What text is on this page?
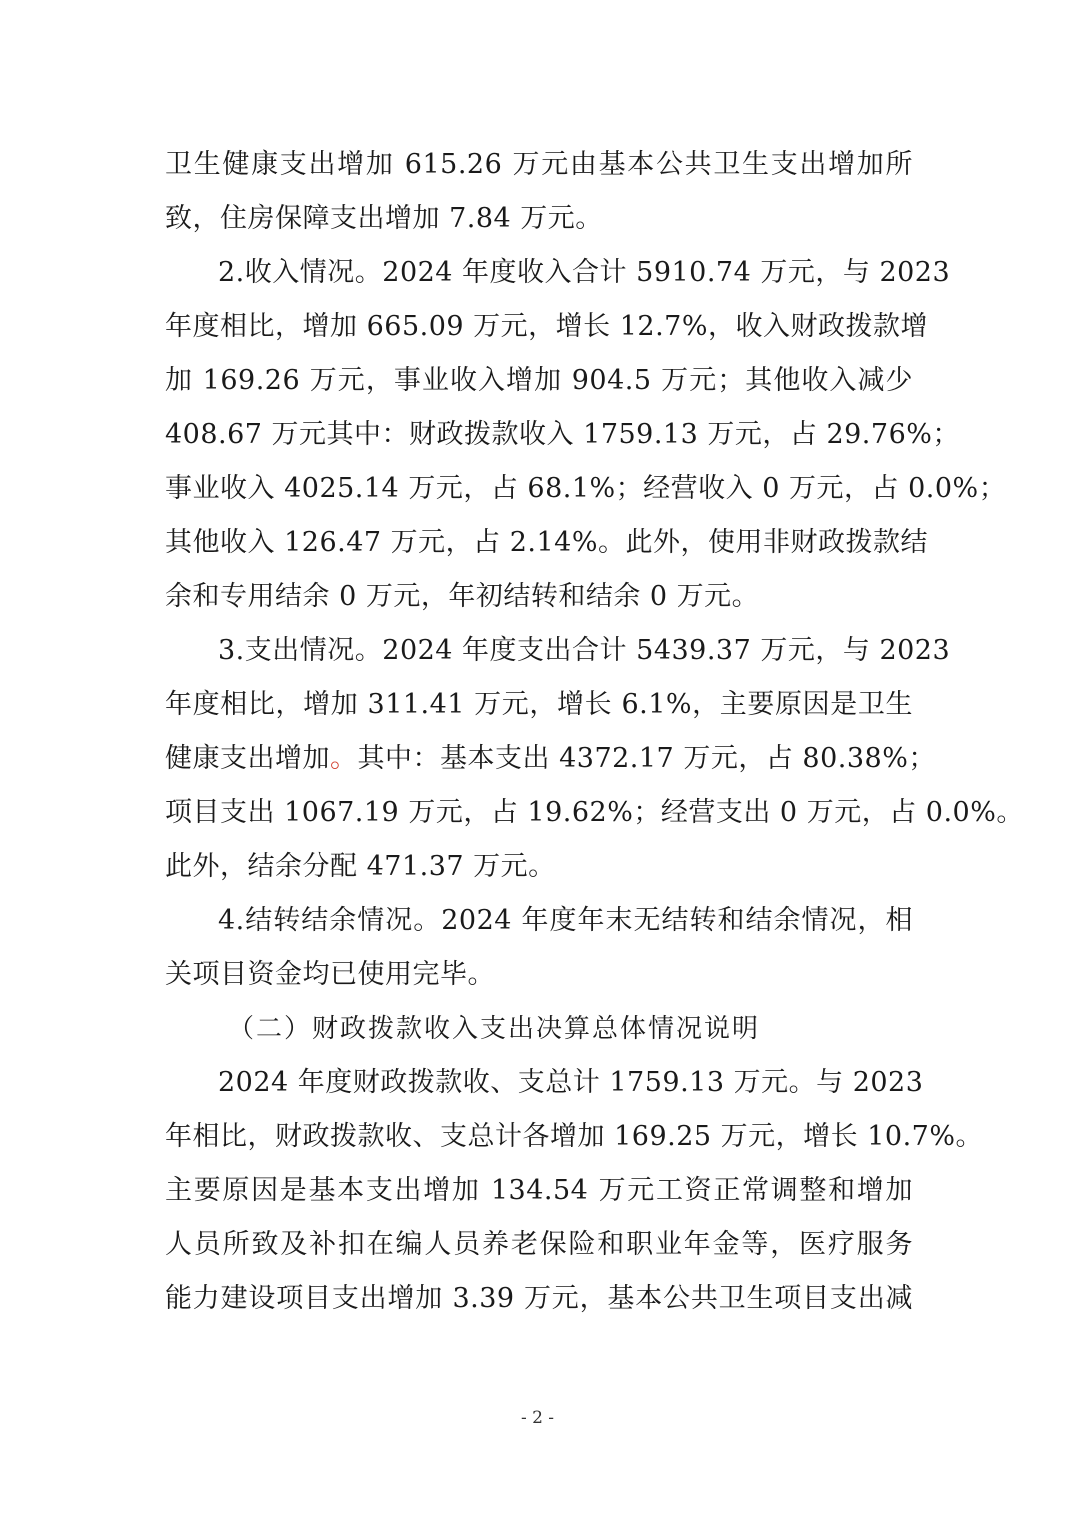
卫生健康支出增加 615.26 万元由基本公共卫生支出增加所
致，住房保障支出增加 7.84 万元。
2.收入情况。2024 年度收入合计 5910.74 万元，与 2023
年度相比，增加 665.09 万元，增长 12.7%，收入财政拨款增
加 169.26 万元，事业收入增加 904.5 万元；其他收入减少
408.67 万元其中：财政拨款收入 1759.13 万元，占 29.76%；
事业收入 4025.14 万元，占 68.1%；经营收入 0 万元，占 0.0%；
其他收入 126.47 万元，占 2.14%。此外，使用非财政拨款结
余和专用结余 0 万元，年初结转和结余 0 万元。
3.支出情况。2024 年度支出合计 5439.37 万元，与 2023
年度相比，增加 311.41 万元，增长 6.1%，主要原因是卫生
健康支出增加。 其中：基本支出 4372.17 万元，占 80.38%；
项目支出 1067.19 万元，占 19.62%；经营支出 0 万元，占 0.0%。
此外，结余分配 471.37 万元。
4.结转结余情况。2024 年度年末无结转和结余情况，相
关项目资金均已使用完毕。
（二）财政拨款收入支出决算总体情况说明
2024 年度财政拨款收、支总计 1759.13 万元。与 2023
年相比，财政拨款收、支总计各增加 169.25 万元，增长 10.7%。
主要原因是基本支出增加 134.54 万元工资正常调整和增加
人员所致及补扣在编人员养老保险和职业年金等，医疗服务
能力建设项目支出增加 3.39 万元，基本公共卫生项目支出减
- 2 -
